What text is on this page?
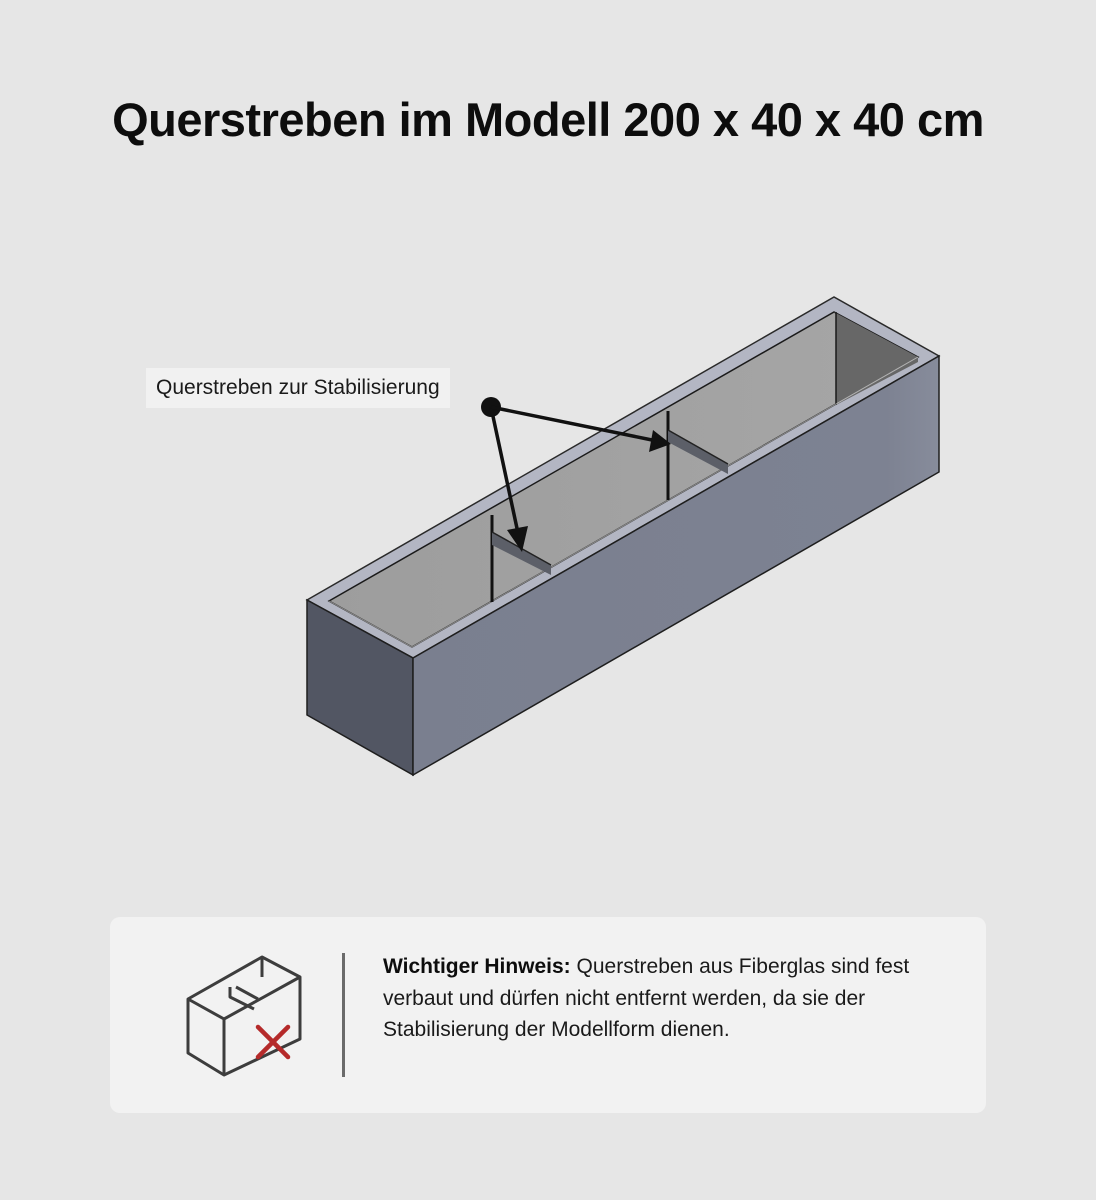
Querstreben im Modell 200 x 40 x 40 cm
Querstreben zur Stabilisierung

Wichtiger Hinweis: Querstreben aus Fiberglas sind fest verbaut und dürfen nicht entfernt werden, da sie der Stabilisierung der Modellform dienen.
